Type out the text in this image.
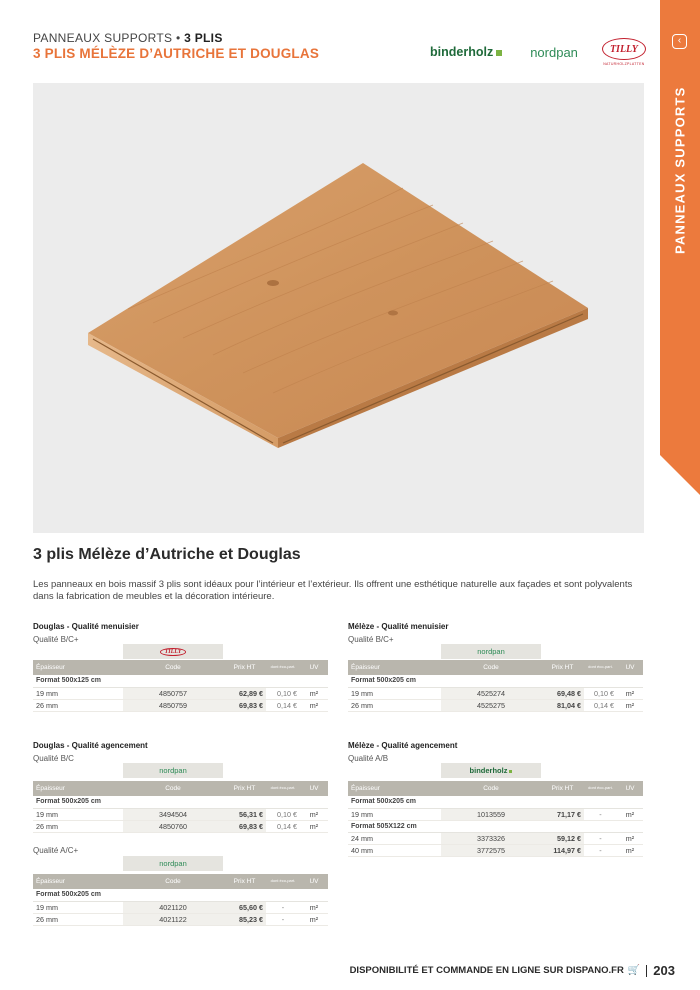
PANNEAUX SUPPORTS • 3 PLIS
3 PLIS MÉLÈZE D’AUTRICHE ET DOUGLAS	binderholz	nordpan	TILLY
NATURHOLZPLATTEN
‹
PANNEAUX SUPPORTS
3 plis Mélèze d’Autriche et Douglas
Les panneaux en bois massif 3 plis sont idéaux pour l’intérieur et l’extérieur. Ils offrent une esthétique naturelle aux façades et sont polyvalents dans la fabrication de meubles et la décoration intérieure.
Douglas - Qualité menuisier
Qualité B/C+
TILLY
Épaisseur	Code	Prix HT	dont éco-part.	UV
Format 500x125 cm				
19 mm	4850757	62,89 €	0,10 €	m²
26 mm	4850759	69,83 €	0,14 €	m²
Mélèze - Qualité menuisier
Qualité B/C+
nordpan
Épaisseur	Code	Prix HT	dont éco-part.	UV
Format 500x205 cm				
19 mm	4525274	69,48 €	0,10 €	m²
26 mm	4525275	81,04 €	0,14 €	m²
Douglas - Qualité agencement
Qualité B/C
nordpan
Épaisseur	Code	Prix HT	dont éco-part.	UV
Format 500x205 cm				
19 mm	3494504	56,31 €	0,10 €	m²
26 mm	4850760	69,83 €	0,14 €	m²
Qualité A/C+
nordpan
Épaisseur	Code	Prix HT	dont éco-part.	UV
Format 500x205 cm				
19 mm	4021120	65,60 €	-	m²
26 mm	4021122	85,23 €	-	m²
Mélèze - Qualité agencement
Qualité A/B
binderholz
Épaisseur	Code	Prix HT	dont éco-part.	UV
Format 500x205 cm				
19 mm	1013559	71,17 €	-	m²
Format 505X122 cm				
24 mm	3373326	59,12 €	-	m²
40 mm	3772575	114,97 €	-	m²
DISPONIBILITÉ ET COMMANDE EN LIGNE SUR DISPANO.FR 🛒 203
